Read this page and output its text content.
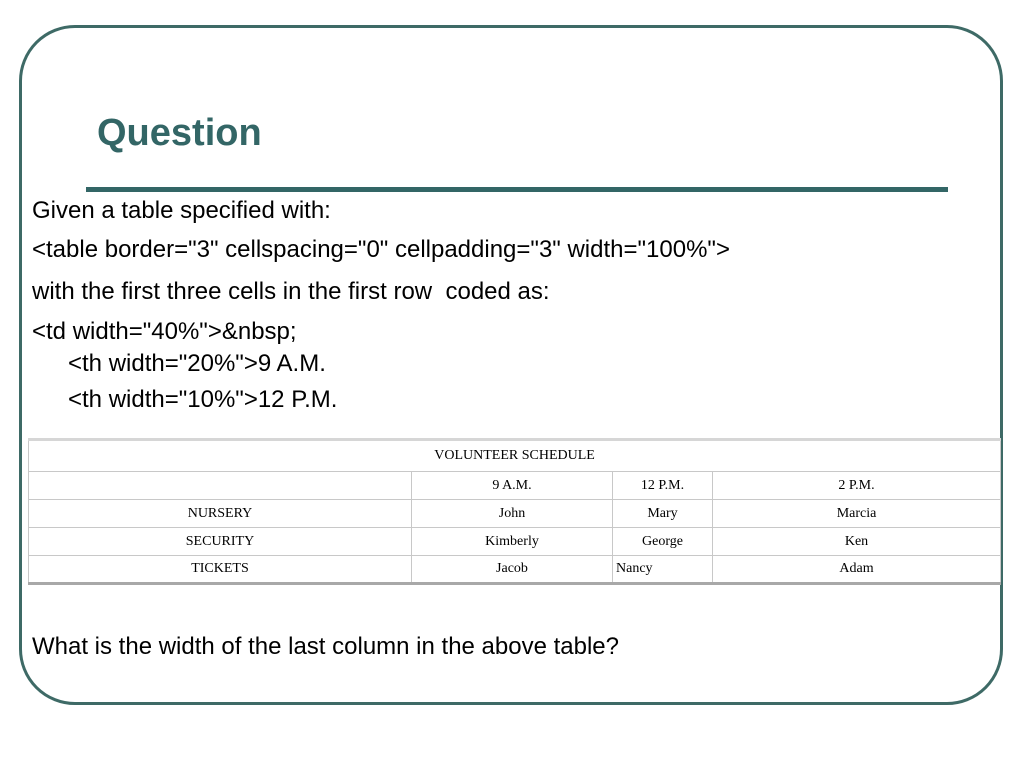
Question
Given a table specified with:
<table border="3" cellspacing="0" cellpadding="3" width="100%">
with the first three cells in the first row  coded as:
<td width="40%">&nbsp;
<th width="20%">9 A.M.
<th width="10%">12 P.M.
VOLUNTEER SCHEDULE			
	9 A.M.	12 P.M.	2 P.M.
NURSERY	John	Mary	Marcia
SECURITY	Kimberly	George	Ken
TICKETS	Jacob	Nancy	Adam
What is the width of the last column in the above table?
